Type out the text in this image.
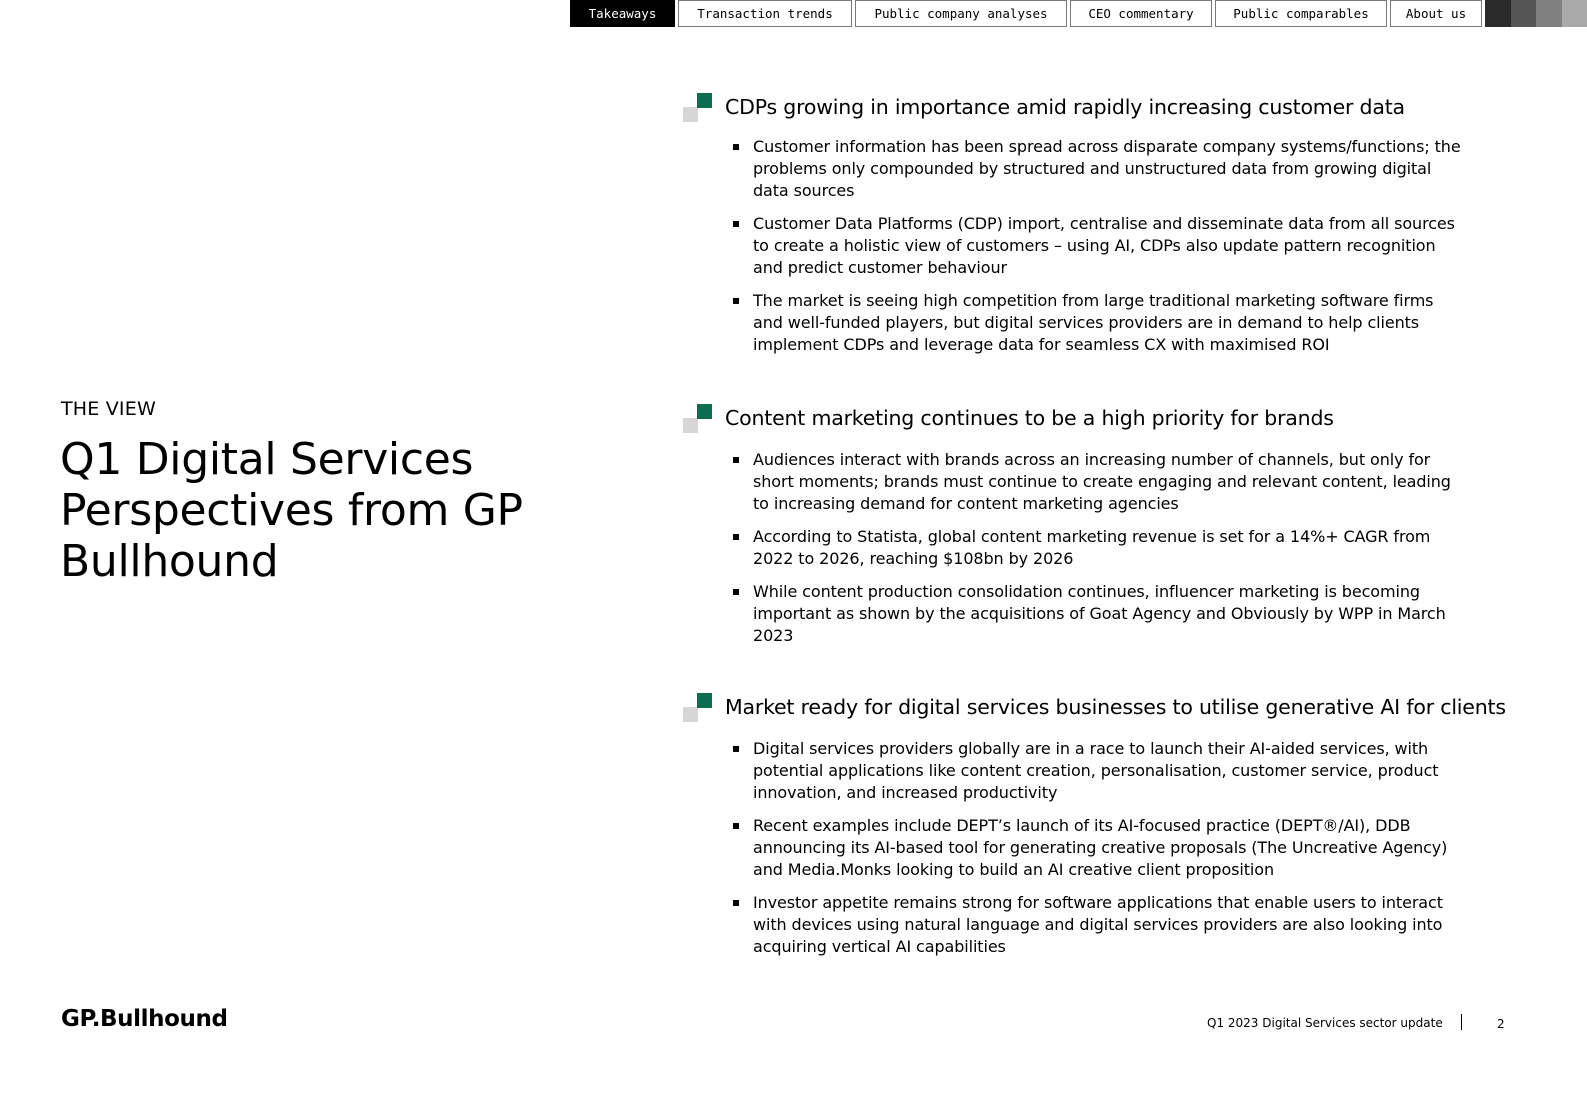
Takeaways	Transaction trends	Public company analyses	CEO commentary	Public comparables	About us
THE VIEW
Q1 Digital Services Perspectives from GP Bullhound
CDPs growing in importance amid rapidly increasing customer data
Customer information has been spread across disparate company systems/functions; the problems only compounded by structured and unstructured data from growing digital data sources
Customer Data Platforms (CDP) import, centralise and disseminate data from all sources to create a holistic view of customers – using AI, CDPs also update pattern recognition and predict customer behaviour
The market is seeing high competition from large traditional marketing software firms and well-funded players, but digital services providers are in demand to help clients implement CDPs and leverage data for seamless CX with maximised ROI
Content marketing continues to be a high priority for brands
Audiences interact with brands across an increasing number of channels, but only for short moments; brands must continue to create engaging and relevant content, leading to increasing demand for content marketing agencies
According to Statista, global content marketing revenue is set for a 14%+ CAGR from 2022 to 2026, reaching $108bn by 2026
While content production consolidation continues, influencer marketing is becoming important as shown by the acquisitions of Goat Agency and Obviously by WPP in March 2023
Market ready for digital services businesses to utilise generative AI for clients
Digital services providers globally are in a race to launch their AI-aided services, with potential applications like content creation, personalisation, customer service, product innovation, and increased productivity
Recent examples include DEPT’s launch of its AI-focused practice (DEPT®/AI), DDB announcing its AI-based tool for generating creative proposals (The Uncreative Agency) and Media.Monks looking to build an AI creative client proposition
Investor appetite remains strong for software applications that enable users to interact with devices using natural language and digital services providers are also looking into acquiring vertical AI capabilities
GP.Bullhound	Q1 2023 Digital Services sector update	2
